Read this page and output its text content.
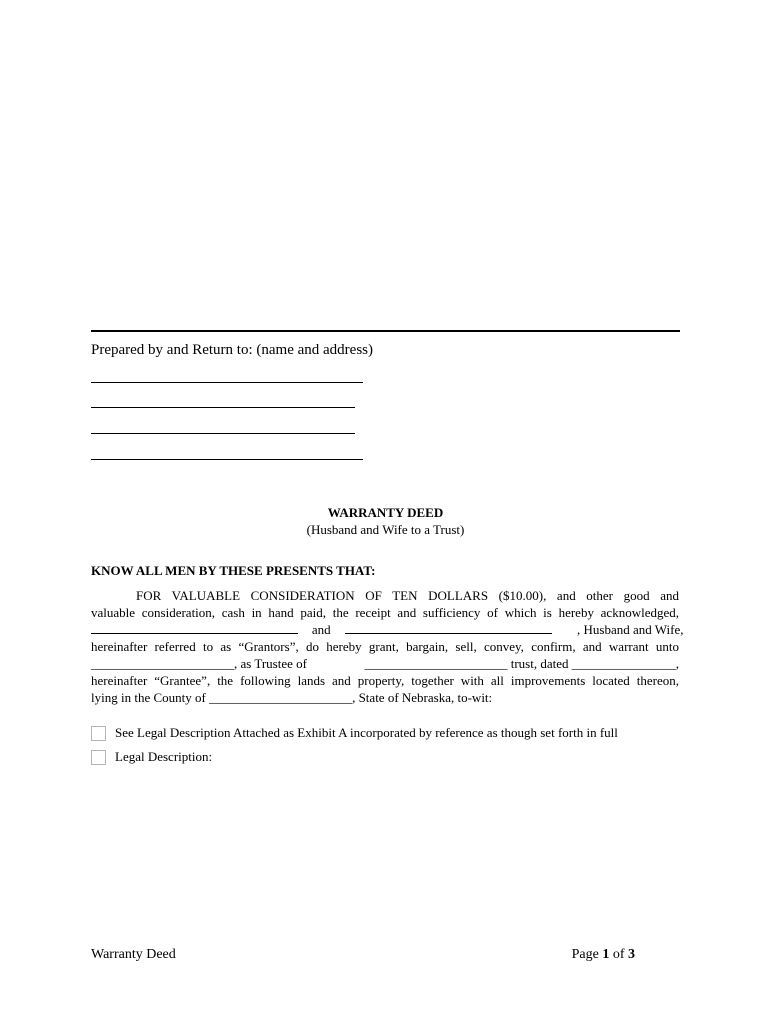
Prepared by and Return to: (name and address)
WARRANTY DEED
(Husband and Wife to a Trust)
KNOW ALL MEN BY THESE PRESENTS THAT:
FOR VALUABLE CONSIDERATION OF TEN DOLLARS ($10.00), and other good and
valuable consideration, cash in hand paid, the receipt and sufficiency of which is hereby acknowledged,
and	, Husband and Wife,
hereinafter referred to as “Grantors”, do hereby grant, bargain, sell, convey, confirm, and warrant unto
______________________, as Trustee of	______________________ trust, dated ________________,
hereinafter “Grantee”, the following lands and property, together with all improvements located thereon,
lying in the County of ______________________, State of Nebraska, to-wit:
See Legal Description Attached as Exhibit A incorporated by reference as though set forth in full
Legal Description:
Warranty Deed	Page 1 of 3
